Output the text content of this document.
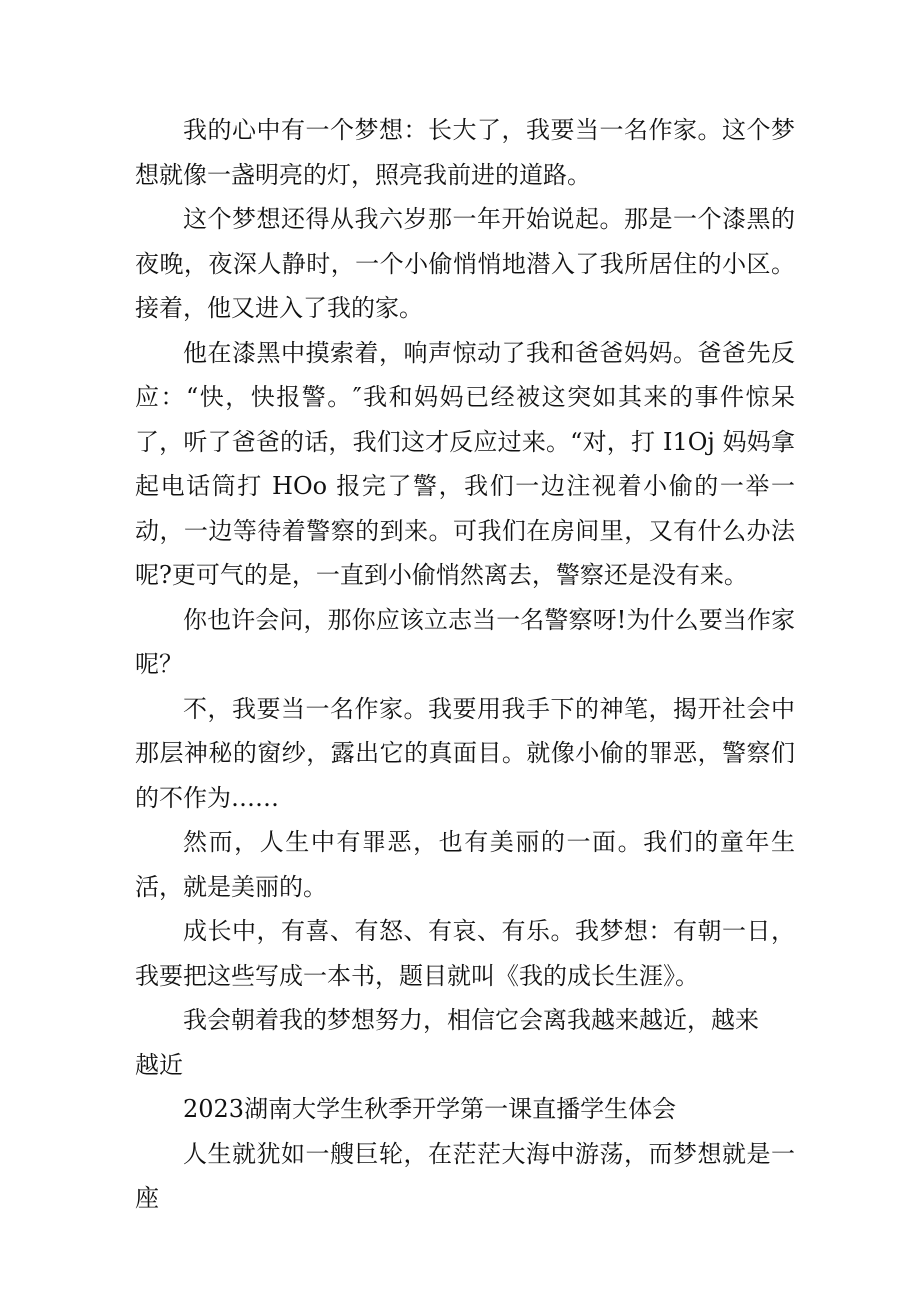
我的心中有一个梦想：长大了，我要当一名作家。这个梦想就像一盏明亮的灯，照亮我前进的道路。

这个梦想还得从我六岁那一年开始说起。那是一个漆黑的夜晚，夜深人静时，一个小偷悄悄地潜入了我所居住的小区。接着，他又进入了我的家。

他在漆黑中摸索着，响声惊动了我和爸爸妈妈。爸爸先反应：“快，快报警。″我和妈妈已经被这突如其来的事件惊呆了，听了爸爸的话，我们这才反应过来。“对，打 I1Oj 妈妈拿起电话筒打 HOo 报完了警，我们一边注视着小偷的一举一动，一边等待着警察的到来。可我们在房间里，又有什么办法呢?更可气的是，一直到小偷悄然离去，警察还是没有来。

你也许会问，那你应该立志当一名警察呀!为什么要当作家呢？

不，我要当一名作家。我要用我手下的神笔，揭开社会中那层神秘的窗纱，露出它的真面目。就像小偷的罪恶，警察们的不作为……

然而，人生中有罪恶，也有美丽的一面。我们的童年生活，就是美丽的。

成长中，有喜、有怒、有哀、有乐。我梦想：有朝一日，我要把这些写成一本书，题目就叫《我的成长生涯》。

我会朝着我的梦想努力，相信它会离我越来越近，越来
越近

2023湖南大学生秋季开学第一课直播学生体会

人生就犹如一艘巨轮，在茫茫大海中游荡，而梦想就是一座
